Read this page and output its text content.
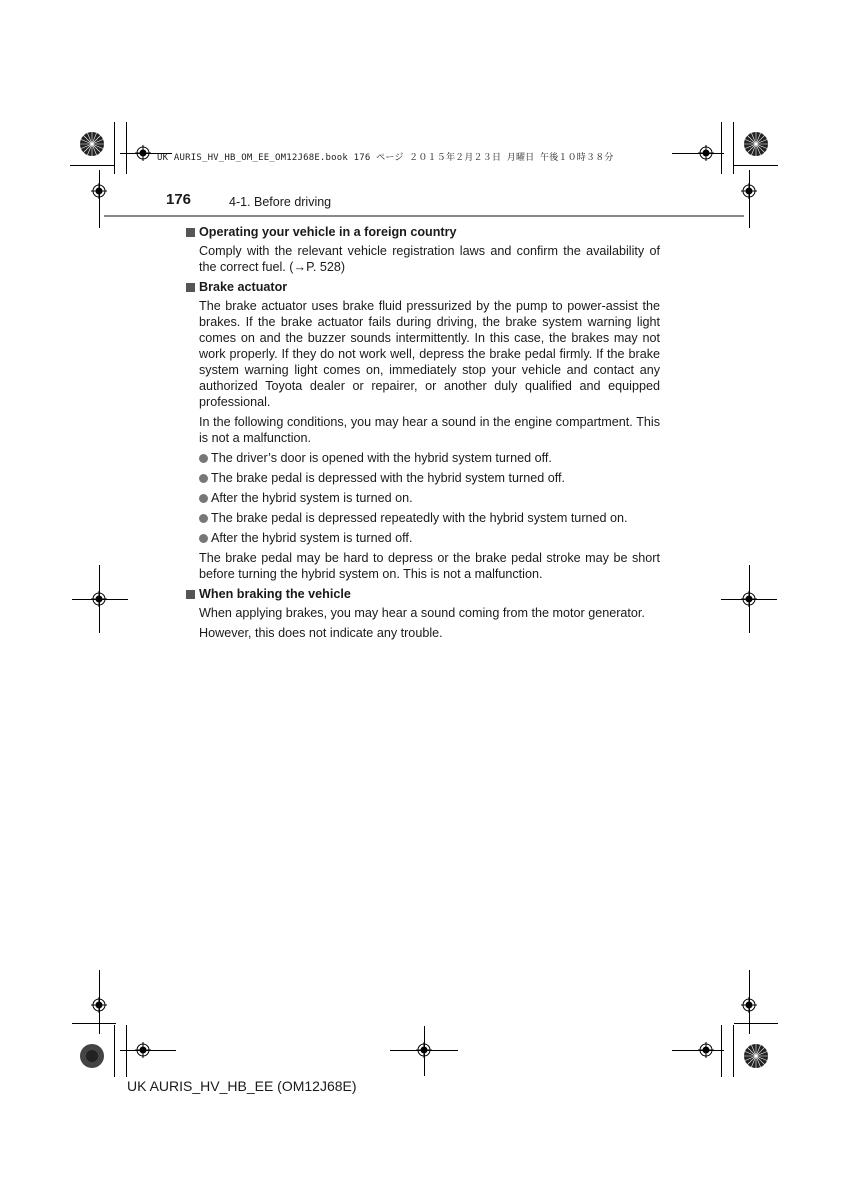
UK AURIS_HV_HB_OM_EE_OM12J68E.book 176 ページ ２０１５年２月２３日 月曜日 午後１０時３８分
176	4-1. Before driving
Operating your vehicle in a foreign country

Comply with the relevant vehicle registration laws and confirm the availability of the correct fuel. (→P. 528)

Brake actuator

The brake actuator uses brake fluid pressurized by the pump to power-assist the brakes. If the brake actuator fails during driving, the brake system warning light comes on and the buzzer sounds intermittently. In this case, the brakes may not work properly. If they do not work well, depress the brake pedal firmly. If the brake system warning light comes on, immediately stop your vehicle and contact any authorized Toyota dealer or repairer, or another duly qualified and equipped professional.

In the following conditions, you may hear a sound in the engine compartment. This is not a malfunction.

The driver’s door is opened with the hybrid system turned off.
The brake pedal is depressed with the hybrid system turned off.
After the hybrid system is turned on.
The brake pedal is depressed repeatedly with the hybrid system turned on.
After the hybrid system is turned off.

The brake pedal may be hard to depress or the brake pedal stroke may be short before turning the hybrid system on. This is not a malfunction.

When braking the vehicle

When applying brakes, you may hear a sound coming from the motor generator.

However, this does not indicate any trouble.

UK AURIS_HV_HB_EE (OM12J68E)
